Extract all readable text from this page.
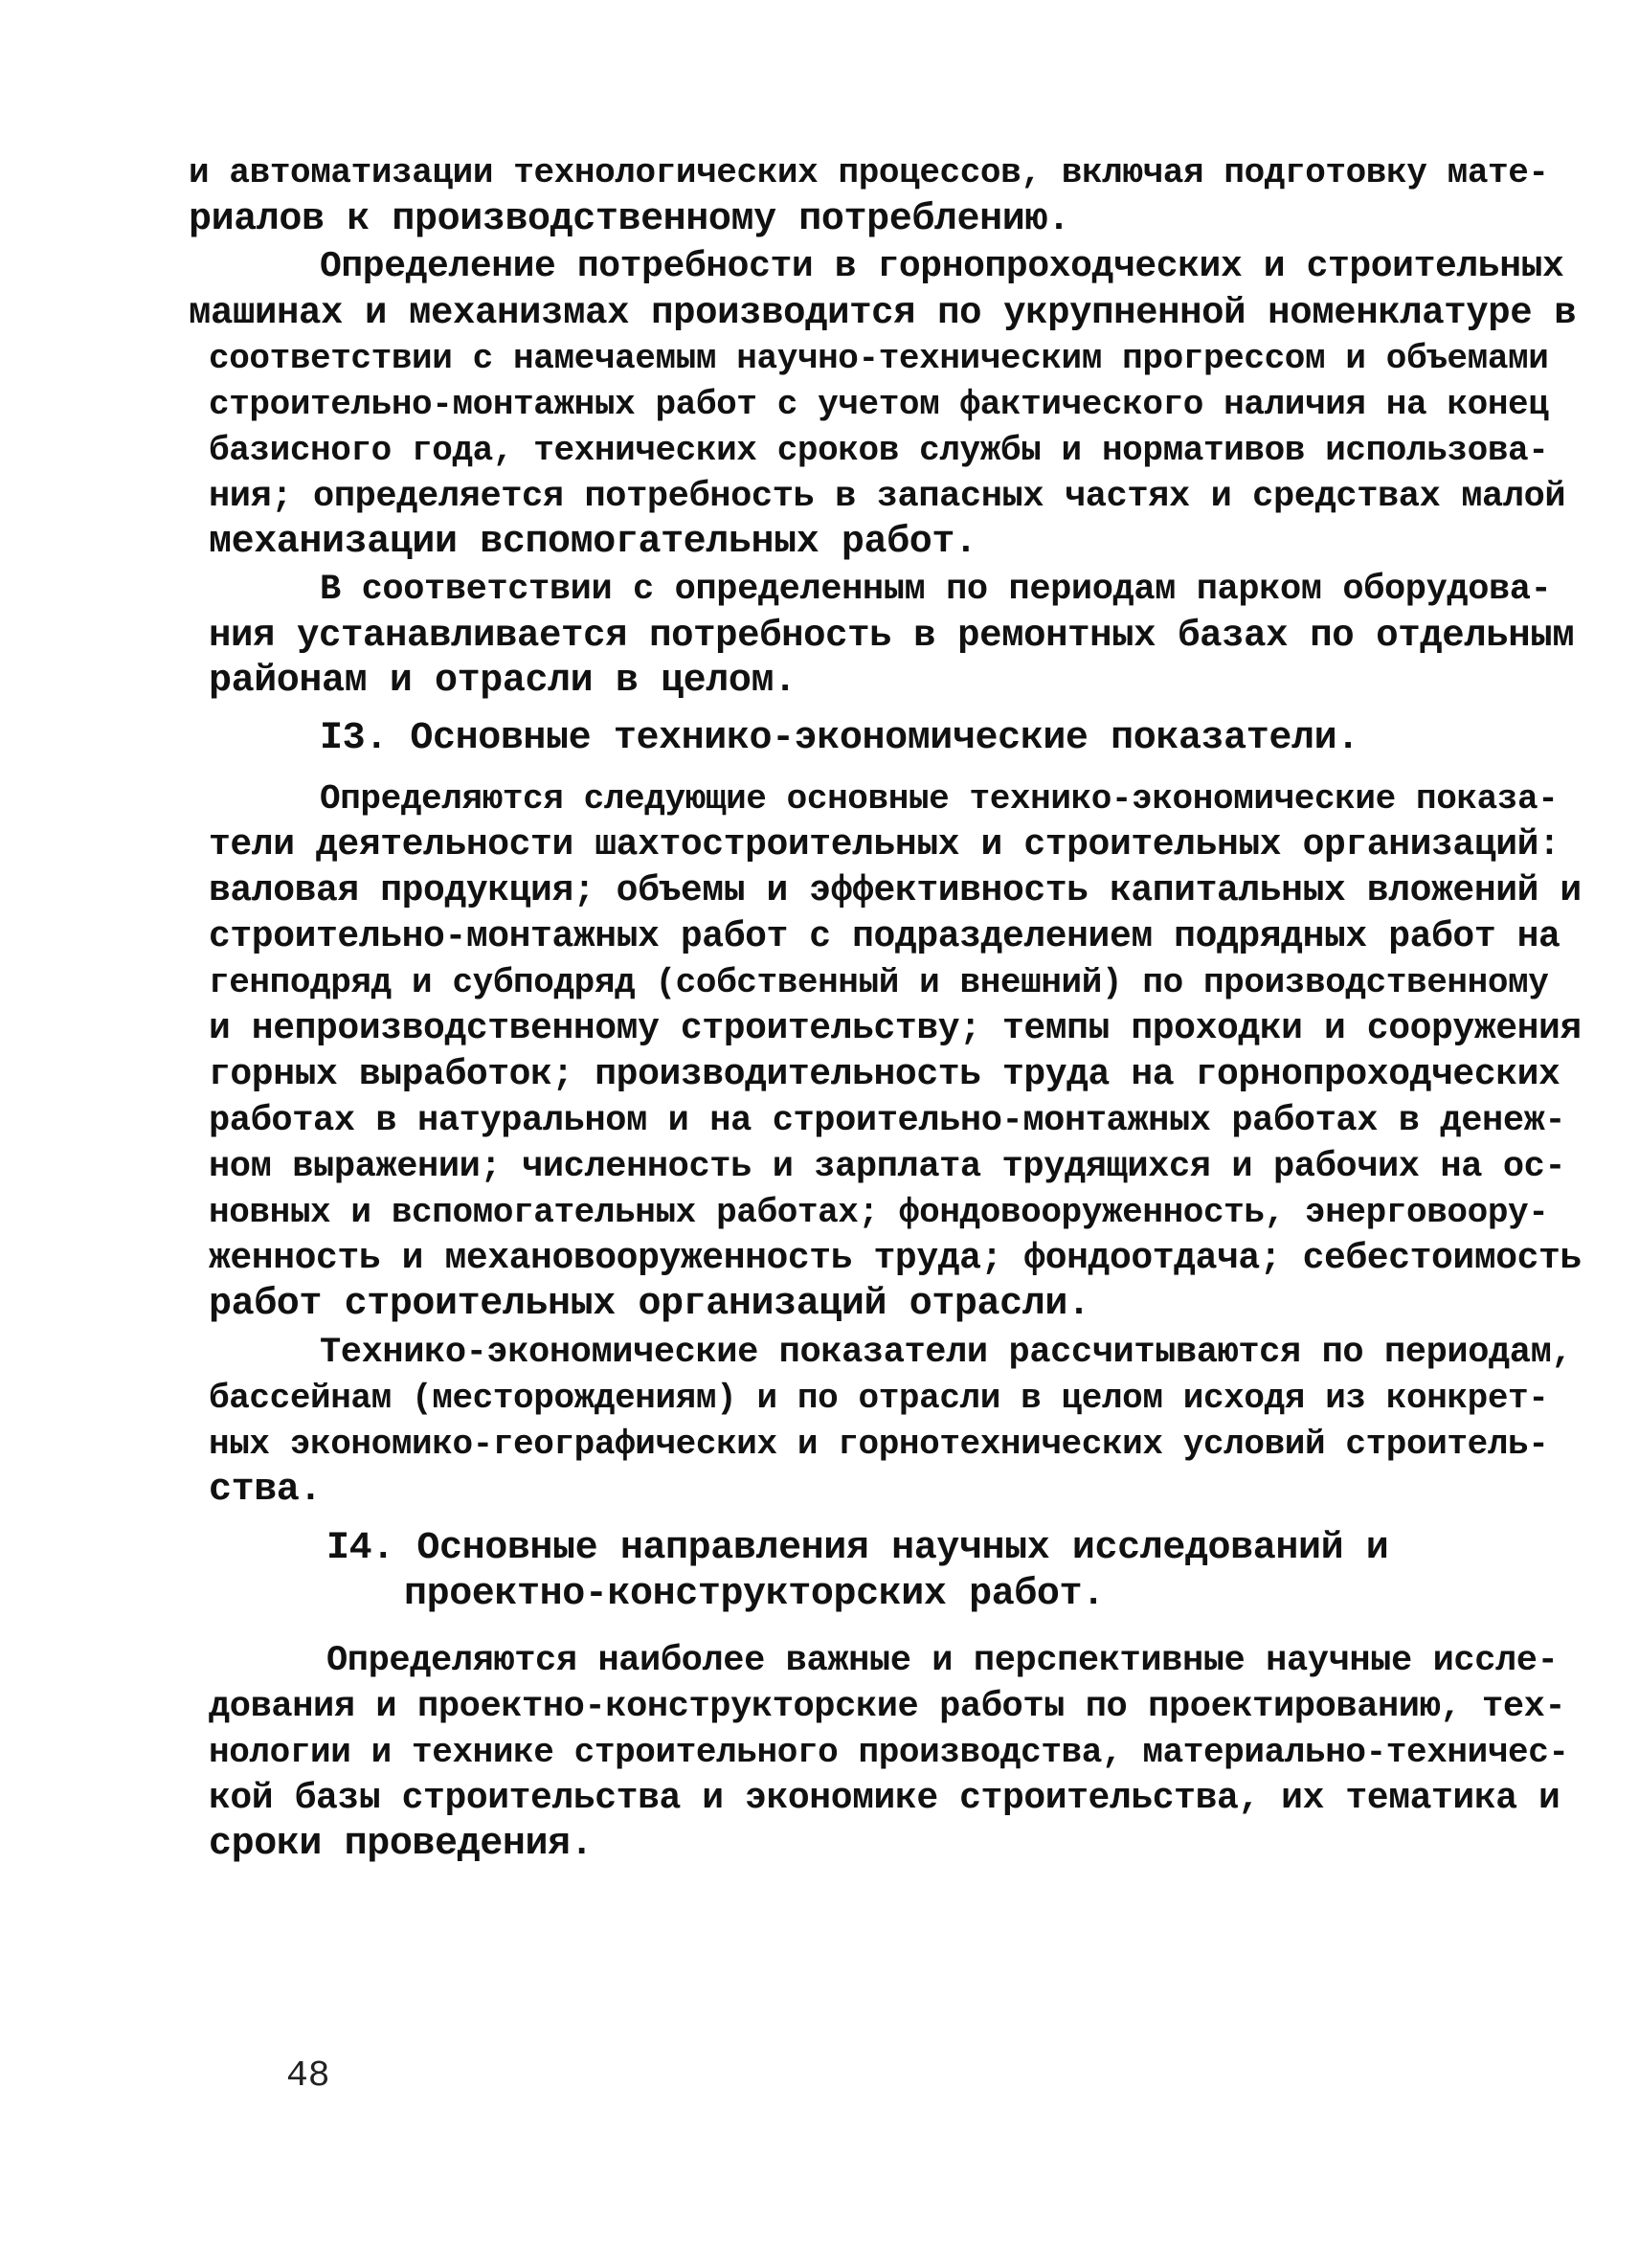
и автоматизации технологических процессов, включая подготовку мате-

риалов к производственному потреблению.

Определение потребности в горнопроходческих и строительных

машинах и механизмах производится по укрупненной номенклатуре в

соответствии с намечаемым научно-техническим прогрессом и объемами

строительно-монтажных работ с учетом фактического наличия на конец

базисного года, технических сроков службы и нормативов использова-

ния; определяется потребность в запасных частях и средствах малой

механизации вспомогательных работ.

В соответствии с определенным по периодам парком оборудова-

ния устанавливается потребность в ремонтных базах по отдельным

районам и отрасли в целом.

I3. Основные технико-экономические показатели.

Определяются следующие основные технико-экономические показа-

тели деятельности шахтостроительных и строительных организаций:

валовая продукция; объемы и эффективность капитальных вложений и

строительно-монтажных работ с подразделением подрядных работ на

генподряд и субподряд (собственный и внешний) по производственному

и непроизводственному строительству; темпы проходки и сооружения

горных выработок; производительность труда на горнопроходческих

работах в натуральном и на строительно-монтажных работах в денеж-

ном выражении; численность и зарплата трудящихся и рабочих на ос-

новных и вспомогательных работах; фондовооруженность, энерговоору-

женность и механовооруженность труда; фондоотдача; себестоимость

работ строительных организаций отрасли.

Технико-экономические показатели рассчитываются по периодам,

бассейнам (месторождениям) и по отрасли в целом исходя из конкрет-

ных экономико-географических и горнотехнических условий строитель-

ства.

I4. Основные направления научных исследований и

проектно-конструкторских работ.

Определяются наиболее важные и перспективные научные иссле-

дования и проектно-конструкторские работы по проектированию, тех-

нологии и технике строительного производства, материально-техничес-

кой базы строительства и экономике строительства, их тематика и

сроки проведения.

48
